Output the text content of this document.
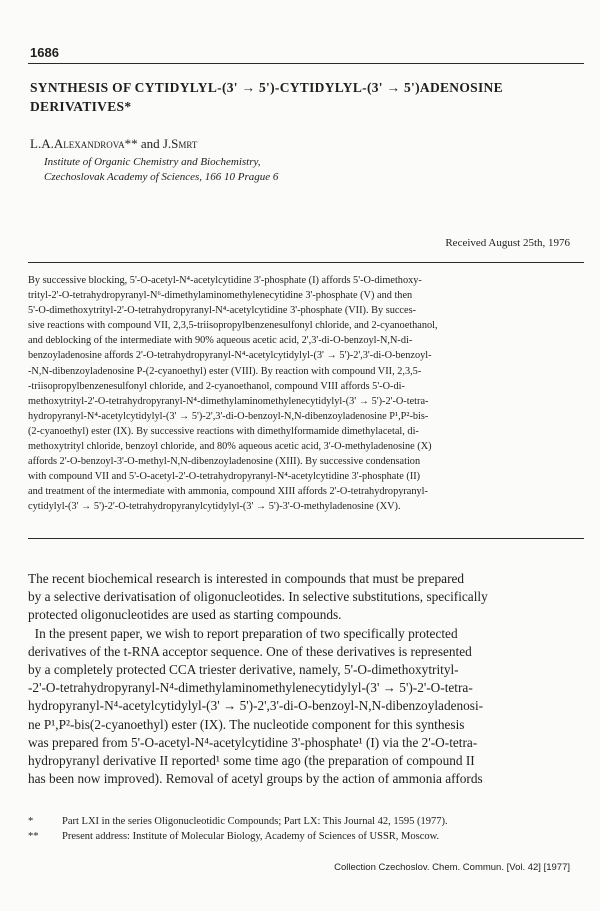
1686
SYNTHESIS OF CYTIDYLYL-(3' → 5')-CYTIDYLYL-(3' → 5')ADENOSINE
DERIVATIVES*
L.A.Alexandrova** and J.Smrt
Institute of Organic Chemistry and Biochemistry,
Czechoslovak Academy of Sciences, 166 10 Prague 6
Received August 25th, 1976
By successive blocking, 5'-O-acetyl-N⁴-acetylcytidine 3'-phosphate (I) affords 5'-O-dimethoxy-
trityl-2'-O-tetrahydropyranyl-N⁶-dimethylaminomethylenecytidine 3'-phosphate (V) and then
5'-O-dimethoxytrityl-2'-O-tetrahydropyranyl-N⁴-acetylcytidine 3'-phosphate (VII). By succes-
sive reactions with compound VII, 2,3,5-triisopropylbenzenesulfonyl chloride, and 2-cyanoethanol,
and deblocking of the intermediate with 90% aqueous acetic acid, 2',3'-di-O-benzoyl-N,N-di-
benzoyladenosine affords 2'-O-tetrahydropyranyl-N⁴-acetylcytidylyl-(3' → 5')-2',3'-di-O-benzoyl-
-N,N-dibenzoyladenosine P-(2-cyanoethyl) ester (VIII). By reaction with compound VII, 2,3,5-
-triisopropylbenzenesulfonyl chloride, and 2-cyanoethanol, compound VIII affords 5'-O-di-
methoxytrityl-2'-O-tetrahydropyranyl-N⁴-dimethylaminomethylenecytidylyl-(3' → 5')-2'-O-tetra-
hydropyranyl-N⁴-acetylcytidylyl-(3' → 5')-2',3'-di-O-benzoyl-N,N-dibenzoyladenosine P¹,P²-bis-
(2-cyanoethyl) ester (IX). By successive reactions with dimethylformamide dimethylacetal, di-
methoxytrityl chloride, benzoyl chloride, and 80% aqueous acetic acid, 3'-O-methyladenosine (X)
affords 2'-O-benzoyl-3'-O-methyl-N,N-dibenzoyladenosine (XIII). By successive condensation
with compound VII and 5'-O-acetyl-2'-O-tetrahydropyranyl-N⁴-acetylcytidine 3'-phosphate (II)
and treatment of the intermediate with ammonia, compound XIII affords 2'-O-tetrahydropyranyl-
cytidylyl-(3' → 5')-2'-O-tetrahydropyranylcytidylyl-(3' → 5')-3'-O-methyladenosine (XV).
The recent biochemical research is interested in compounds that must be prepared
by a selective derivatisation of oligonucleotides. In selective substitutions, specifically
protected oligonucleotides are used as starting compounds.
In the present paper, we wish to report preparation of two specifically protected
derivatives of the t-RNA acceptor sequence. One of these derivatives is represented
by a completely protected CCA triester derivative, namely, 5'-O-dimethoxytrityl-
-2'-O-tetrahydropyranyl-N⁴-dimethylaminomethylenecytidylyl-(3' → 5')-2'-O-tetra-
hydropyranyl-N⁴-acetylcytidylyl-(3' → 5')-2',3'-di-O-benzoyl-N,N-dibenzoyladenosi-
ne P¹,P²-bis(2-cyanoethyl) ester (IX). The nucleotide component for this synthesis
was prepared from 5'-O-acetyl-N⁴-acetylcytidine 3'-phosphate¹ (I) via the 2'-O-tetra-
hydropyranyl derivative II reported¹ some time ago (the preparation of compound II
has been now improved). Removal of acetyl groups by the action of ammonia affords
*	Part LXI in the series Oligonucleotidic Compounds; Part LX: This Journal 42, 1595 (1977).
**	Present address: Institute of Molecular Biology, Academy of Sciences of USSR, Moscow.
Collection Czechoslov. Chem. Commun. [Vol. 42] [1977]
